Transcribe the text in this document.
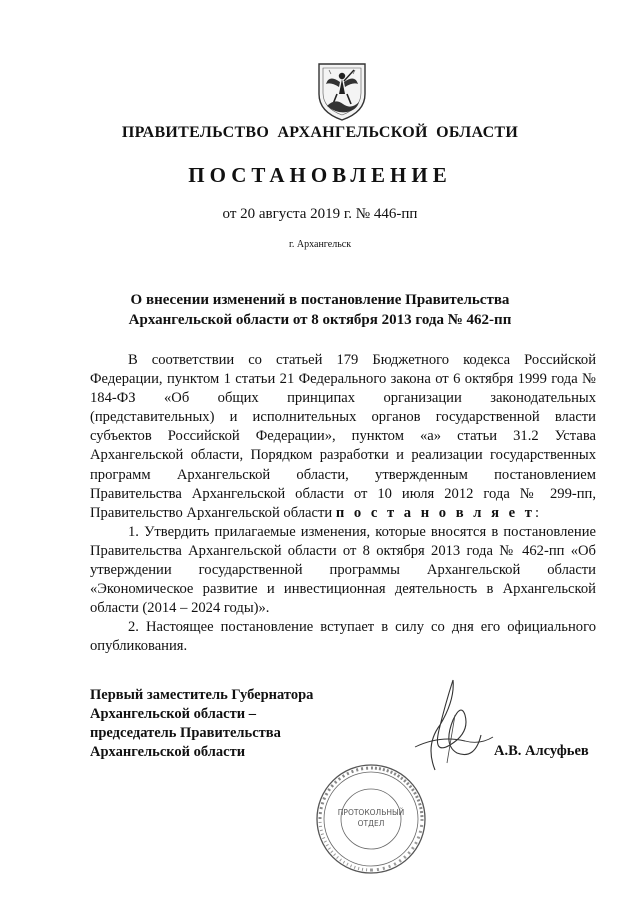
ПРАВИТЕЛЬСТВО АРХАНГЕЛЬСКОЙ ОБЛАСТИ
ПОСТАНОВЛЕНИЕ
от 20 августа 2019 г. № 446-пп
г. Архангельск
О внесении изменений в постановление Правительства
Архангельской области от 8 октября 2013 года № 462-пп

В соответствии со статьей 179 Бюджетного кодекса Российской Федерации, пунктом 1 статьи 21 Федерального закона от 6 октября 1999 года № 184-ФЗ «Об общих принципах организации законодательных (представительных) и исполнительных органов государственной власти субъектов Российской Федерации», пунктом «а» статьи 31.2 Устава Архангельской области, Порядком разработки и реализации государственных программ Архангельской области, утвержденным постановлением Правительства Архангельской области от 10 июля 2012 года № 299-пп, Правительство Архангельской области п о с т а н о в л я е т:

1. Утвердить прилагаемые изменения, которые вносятся в постановление Правительства Архангельской области от 8 октября 2013 года № 462-пп «Об утверждении государственной программы Архангельской области «Экономическое развитие и инвестиционная деятельность в Архангельской области (2014 – 2024 годы)».

2. Настоящее постановление вступает в силу со дня его официального опубликования.

Первый заместитель Губернатора
Архангельской области –
председатель Правительства
Архангельской области	А.В. Алсуфьев
ПРОТОКОЛЬНЫЙ
ОТДЕЛ
